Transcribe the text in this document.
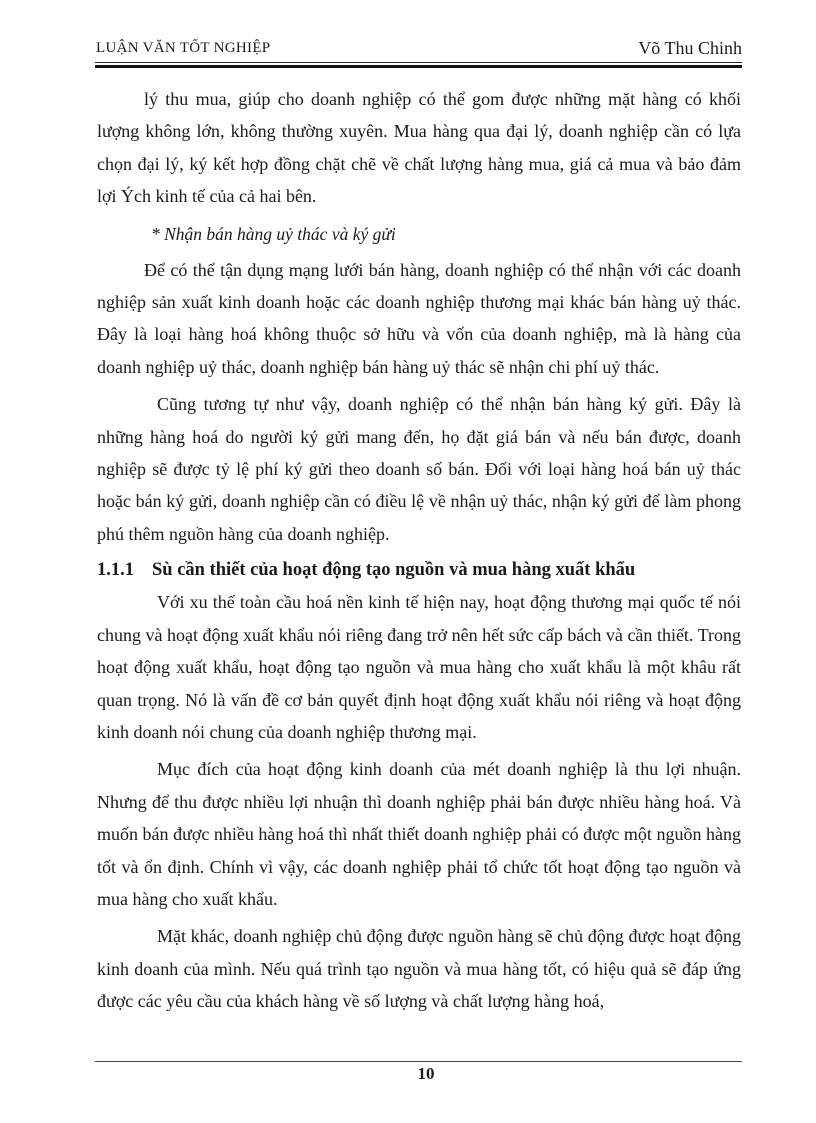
LUẬN VĂN TỐT NGHIỆP	Võ Thu Chinh

lý thu mua, giúp cho doanh nghiệp có thể gom được những mặt hàng có khối lượng không lớn, không thường xuyên. Mua hàng qua đại lý, doanh nghiệp cần có lựa chọn đại lý, ký kết hợp đồng chặt chẽ về chất lượng hàng mua, giá cả mua và bảo đảm lợi Ých kinh tế của cả hai bên.

* Nhận bán hàng uỷ thác và ký gửi

Để có thể tận dụng mạng lưới bán hàng, doanh nghiệp có thể nhận với các doanh nghiệp sản xuất kinh doanh hoặc các doanh nghiệp thương mại khác bán hàng uỷ thác. Đây là loại hàng hoá không thuộc sở hữu và vốn của doanh nghiệp, mà là hàng của doanh nghiệp uỷ thác, doanh nghiệp bán hàng uỷ thác sẽ nhận chi phí uỷ thác.

Cũng tương tự như vậy, doanh nghiệp có thể nhận bán hàng ký gửi. Đây là những hàng hoá do người ký gửi mang đến, họ đặt giá bán và nếu bán được, doanh nghiệp sẽ được tỷ lệ phí ký gửi theo doanh số bán. Đối với loại hàng hoá bán uỷ thác hoặc bán ký gửi, doanh nghiệp cần có điều lệ về nhận uỷ thác, nhận ký gửi để làm phong phú thêm nguồn hàng của doanh nghiệp.

1.1.1 Sù cần thiết của hoạt động tạo nguồn và mua hàng xuất khẩu

Với xu thế toàn cầu hoá nền kinh tế hiện nay, hoạt động thương mại quốc tế nói chung và hoạt động xuất khẩu nói riêng đang trở nên hết sức cấp bách và cần thiết. Trong hoạt động xuất khẩu, hoạt động tạo nguồn và mua hàng cho xuất khẩu là một khâu rất quan trọng. Nó là vấn đề cơ bản quyết định hoạt động xuất khẩu nói riêng và hoạt động kinh doanh nói chung của doanh nghiệp thương mại.

Mục đích của hoạt động kinh doanh của mét doanh nghiệp là thu lợi nhuận. Nhưng để thu được nhiều lợi nhuận thì doanh nghiệp phải bán được nhiều hàng hoá. Và muốn bán được nhiều hàng hoá thì nhất thiết doanh nghiệp phải có được một nguồn hàng tốt và ổn định. Chính vì vậy, các doanh nghiệp phải tổ chức tốt hoạt động tạo nguồn và mua hàng cho xuất khẩu.

Mặt khác, doanh nghiệp chủ động được nguồn hàng sẽ chủ động được hoạt động kinh doanh của mình. Nếu quá trình tạo nguồn và mua hàng tốt, có hiệu quả sẽ đáp ứng được các yêu cầu của khách hàng về số lượng và chất lượng hàng hoá,

10
